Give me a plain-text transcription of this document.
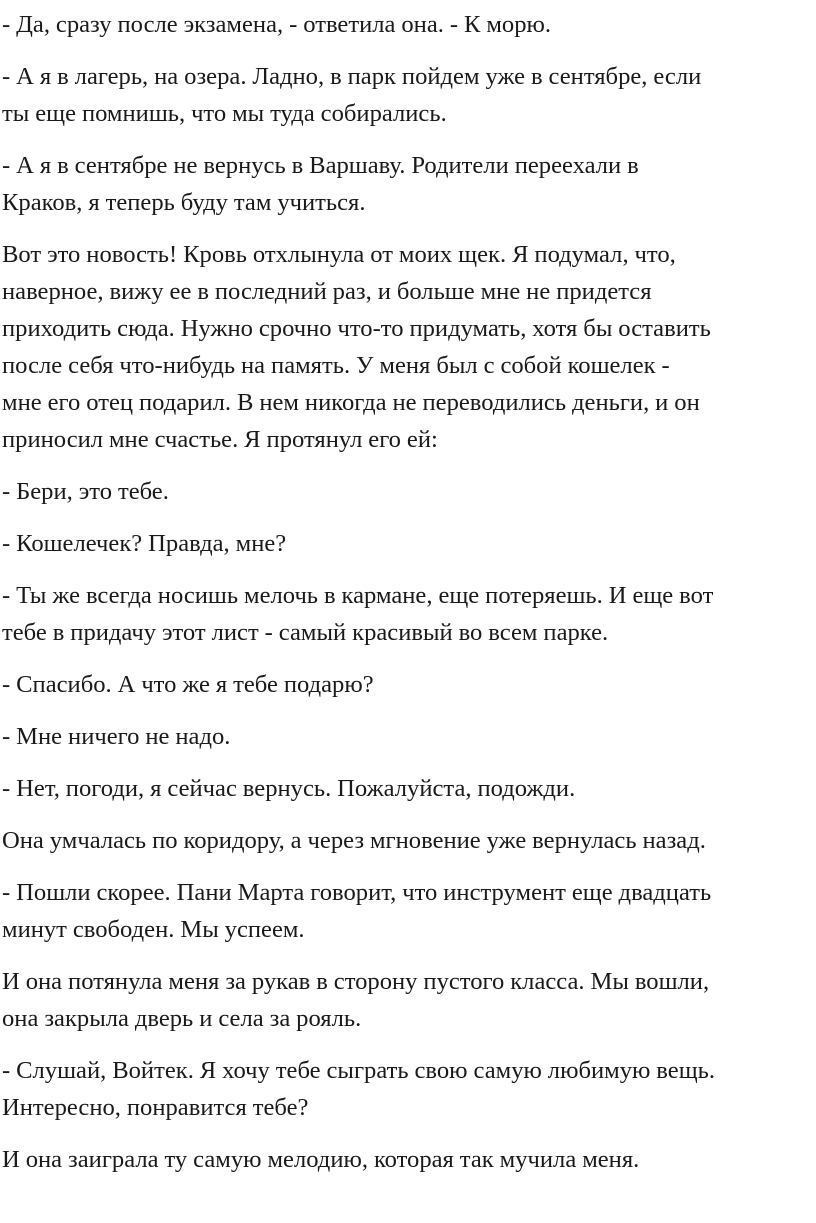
- Да, сразу после экзамена, - ответила она. - К морю.

- А я в лагерь, на озера. Ладно, в парк пойдем уже в сентябре, если
ты еще помнишь, что мы туда собирались.

- А я в сентябре не вернусь в Варшаву. Родители переехали в
Краков, я теперь буду там учиться.

Вот это новость! Кровь отхлынула от моих щек. Я подумал, что,
наверное, вижу ее в последний раз, и больше мне не придется
приходить сюда. Нужно срочно что-то придумать, хотя бы оставить
после себя что-нибудь на память. У меня был с собой кошелек -
мне его отец подарил. В нем никогда не переводились деньги, и он
приносил мне счастье. Я протянул его ей:

- Бери, это тебе.

- Кошелечек? Правда, мне?

- Ты же всегда носишь мелочь в кармане, еще потеряешь. И еще вот
тебе в придачу этот лист - самый красивый во всем парке.

- Спасибо. А что же я тебе подарю?

- Мне ничего не надо.

- Нет, погоди, я сейчас вернусь. Пожалуйста, подожди.

Она умчалась по коридору, а через мгновение уже вернулась назад.

- Пошли скорее. Пани Марта говорит, что инструмент еще двадцать
минут свободен. Мы успеем.

И она потянула меня за рукав в сторону пустого класса. Мы вошли,
она закрыла дверь и села за рояль.

- Слушай, Войтек. Я хочу тебе сыграть свою самую любимую вещь.
Интересно, понравится тебе?

И она заиграла ту самую мелодию, которая так мучила меня.
